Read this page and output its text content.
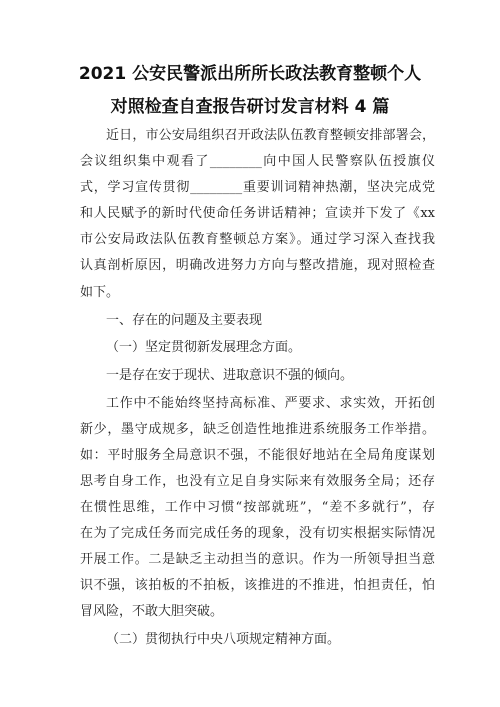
2021 公安民警派出所所长政法教育整顿个人
对照检查自查报告研讨发言材料 4 篇
近日，市公安局组织召开政法队伍教育整顿安排部署会，
会议组织集中观看了________向中国人民警察队伍授旗仪
式，学习宣传贯彻________重要训词精神热潮，坚决完成党
和人民赋予的新时代使命任务讲话精神；宣读并下发了《xx
市公安局政法队伍教育整顿总方案》。通过学习深入查找我
认真剖析原因，明确改进努力方向与整改措施，现对照检查
如下。
一、存在的问题及主要表现
（一）坚定贯彻新发展理念方面。
一是存在安于现状、进取意识不强的倾向。
工作中不能始终坚持高标准、严要求、求实效，开拓创
新少，墨守成规多，缺乏创造性地推进系统服务工作举措。
如：平时服务全局意识不强，不能很好地站在全局角度谋划
思考自身工作，也没有立足自身实际来有效服务全局；还存
在惯性思维，工作中习惯“按部就班”，“差不多就行”，存
在为了完成任务而完成任务的现象，没有切实根据实际情况
开展工作。二是缺乏主动担当的意识。作为一所领导担当意
识不强，该拍板的不拍板，该推进的不推进，怕担责任，怕
冒风险，不敢大胆突破。
（二）贯彻执行中央八项规定精神方面。
